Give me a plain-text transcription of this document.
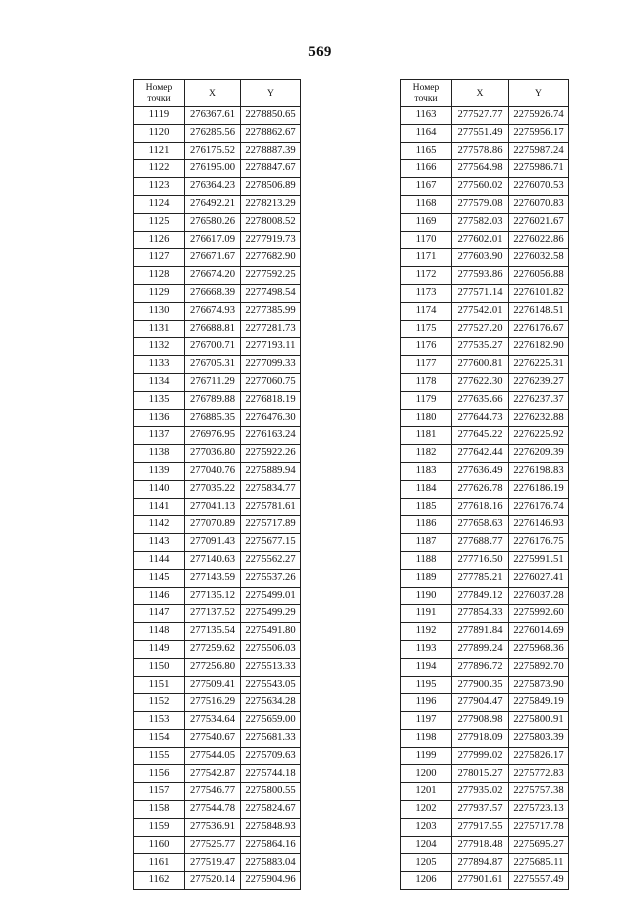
569
Номер
точки	X	Y
1119	276367.61	2278850.65
1120	276285.56	2278862.67
1121	276175.52	2278887.39
1122	276195.00	2278847.67
1123	276364.23	2278506.89
1124	276492.21	2278213.29
1125	276580.26	2278008.52
1126	276617.09	2277919.73
1127	276671.67	2277682.90
1128	276674.20	2277592.25
1129	276668.39	2277498.54
1130	276674.93	2277385.99
1131	276688.81	2277281.73
1132	276700.71	2277193.11
1133	276705.31	2277099.33
1134	276711.29	2277060.75
1135	276789.88	2276818.19
1136	276885.35	2276476.30
1137	276976.95	2276163.24
1138	277036.80	2275922.26
1139	277040.76	2275889.94
1140	277035.22	2275834.77
1141	277041.13	2275781.61
1142	277070.89	2275717.89
1143	277091.43	2275677.15
1144	277140.63	2275562.27
1145	277143.59	2275537.26
1146	277135.12	2275499.01
1147	277137.52	2275499.29
1148	277135.54	2275491.80
1149	277259.62	2275506.03
1150	277256.80	2275513.33
1151	277509.41	2275543.05
1152	277516.29	2275634.28
1153	277534.64	2275659.00
1154	277540.67	2275681.33
1155	277544.05	2275709.63
1156	277542.87	2275744.18
1157	277546.77	2275800.55
1158	277544.78	2275824.67
1159	277536.91	2275848.93
1160	277525.77	2275864.16
1161	277519.47	2275883.04
1162	277520.14	2275904.96
Номер
точки	X	Y
1163	277527.77	2275926.74
1164	277551.49	2275956.17
1165	277578.86	2275987.24
1166	277564.98	2275986.71
1167	277560.02	2276070.53
1168	277579.08	2276070.83
1169	277582.03	2276021.67
1170	277602.01	2276022.86
1171	277603.90	2276032.58
1172	277593.86	2276056.88
1173	277571.14	2276101.82
1174	277542.01	2276148.51
1175	277527.20	2276176.67
1176	277535.27	2276182.90
1177	277600.81	2276225.31
1178	277622.30	2276239.27
1179	277635.66	2276237.37
1180	277644.73	2276232.88
1181	277645.22	2276225.92
1182	277642.44	2276209.39
1183	277636.49	2276198.83
1184	277626.78	2276186.19
1185	277618.16	2276176.74
1186	277658.63	2276146.93
1187	277688.77	2276176.75
1188	277716.50	2275991.51
1189	277785.21	2276027.41
1190	277849.12	2276037.28
1191	277854.33	2275992.60
1192	277891.84	2276014.69
1193	277899.24	2275968.36
1194	277896.72	2275892.70
1195	277900.35	2275873.90
1196	277904.47	2275849.19
1197	277908.98	2275800.91
1198	277918.09	2275803.39
1199	277999.02	2275826.17
1200	278015.27	2275772.83
1201	277935.02	2275757.38
1202	277937.57	2275723.13
1203	277917.55	2275717.78
1204	277918.48	2275695.27
1205	277894.87	2275685.11
1206	277901.61	2275557.49
